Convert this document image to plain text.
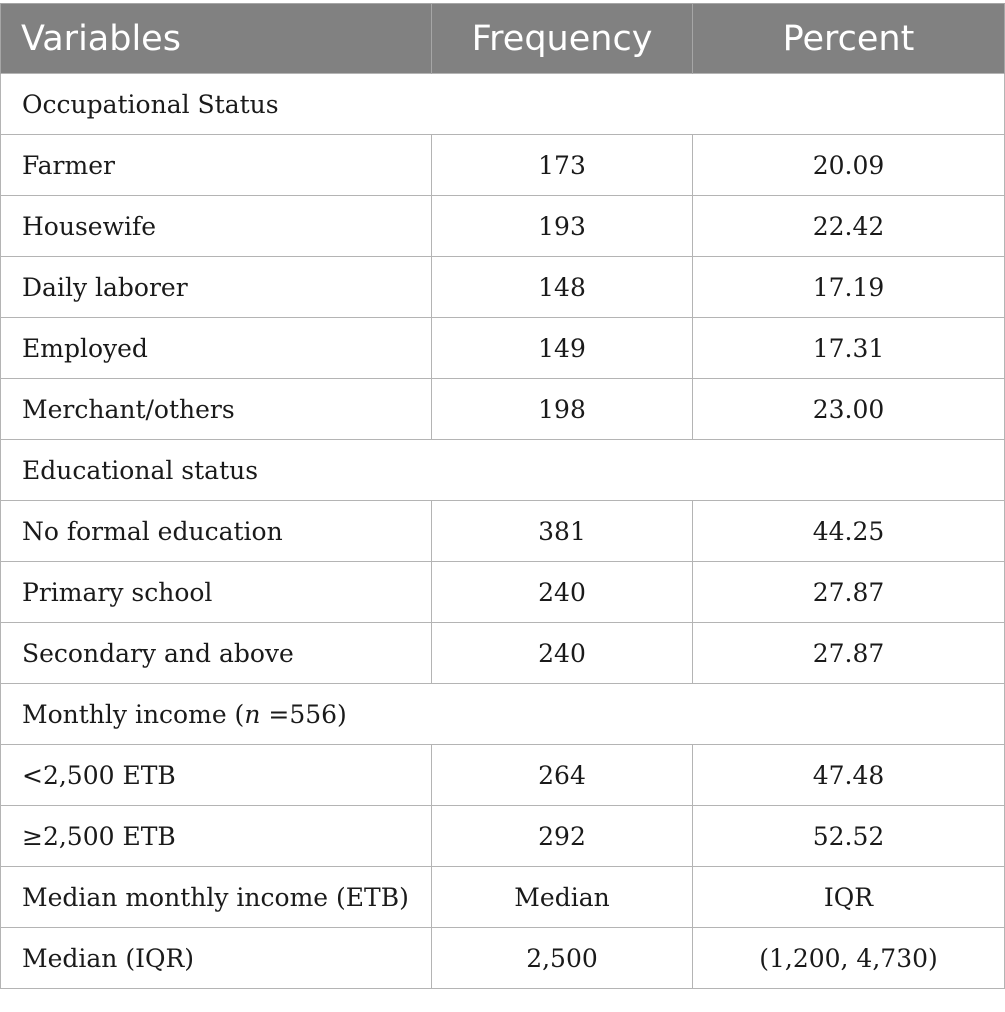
Variables	Frequency	Percent
Occupational Status		
Farmer	173	20.09
Housewife	193	22.42
Daily laborer	148	17.19
Employed	149	17.31
Merchant/others	198	23.00
Educational status		
No formal education	381	44.25
Primary school	240	27.87
Secondary and above	240	27.87
Monthly income (n =556)		
<2,500 ETB	264	47.48
≥2,500 ETB	292	52.52
Median monthly income (ETB)	Median	IQR
Median (IQR)	2,500	(1,200, 4,730)
